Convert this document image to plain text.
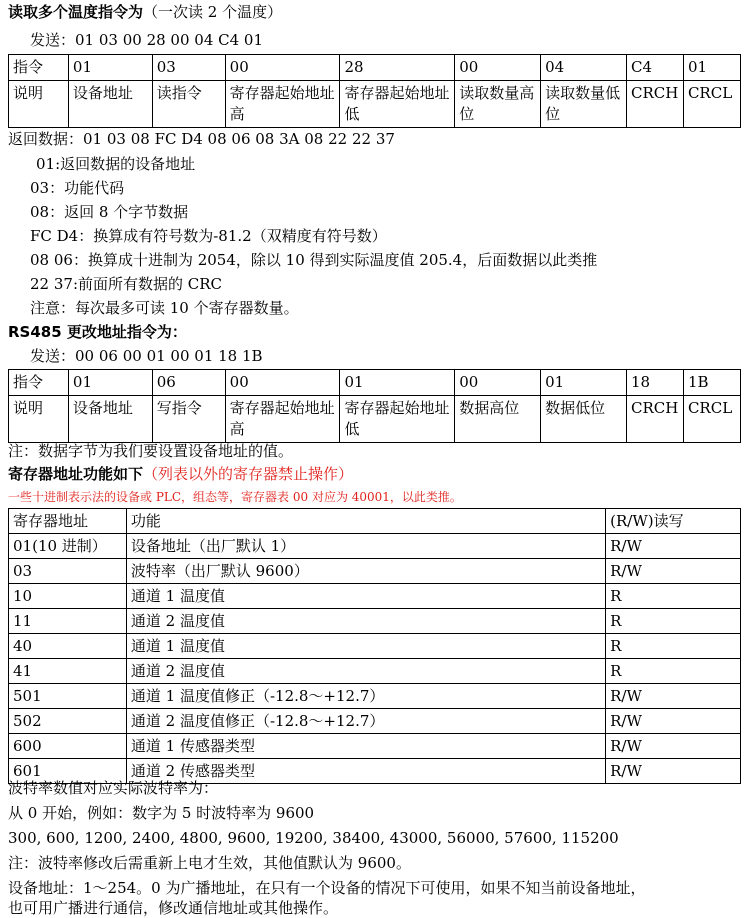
读取多个温度指令为（一次读 2 个温度）
发送：01 03 00 28 00 04 C4 01
指令	01	03	00	28	00	04	C4	01
说明	设备地址	读指令	寄存器起始地址高	寄存器起始地址低	读取数量高位	读取数量低位	CRCH	CRCL
返回数据：01 03 08 FC D4 08 06 08 3A 08 22 22 37
01:返回数据的设备地址
03：功能代码
08：返回 8 个字节数据
FC D4：换算成有符号数为-81.2（双精度有符号数）
08 06：换算成十进制为 2054，除以 10 得到实际温度值 205.4，后面数据以此类推
22 37:前面所有数据的 CRC
注意：每次最多可读 10 个寄存器数量。
RS485 更改地址指令为：
发送：00 06 00 01 00 01 18 1B
指令	01	06	00	01	00	01	18	1B
说明	设备地址	写指令	寄存器起始地址高	寄存器起始地址低	数据高位	数据低位	CRCH	CRCL
注：数据字节为我们要设置设备地址的值。
寄存器地址功能如下（列表以外的寄存器禁止操作）
一些十进制表示法的设备或 PLC，组态等，寄存器表 00 对应为 40001，以此类推。
寄存器地址	功能	(R/W)读写
01(10 进制）	设备地址（出厂默认 1）	R/W
03	波特率（出厂默认 9600）	R/W
10	通道 1 温度值	R
11	通道 2 温度值	R
40	通道 1 温度值	R
41	通道 2 温度值	R
501	通道 1 温度值修正（-12.8～+12.7）	R/W
502	通道 2 温度值修正（-12.8～+12.7）	R/W
600	通道 1 传感器类型	R/W
601	通道 2 传感器类型	R/W
波特率数值对应实际波特率为：
从 0 开始，例如：数字为 5 时波特率为 9600
300, 600, 1200, 2400, 4800, 9600, 19200, 38400, 43000, 56000, 57600, 115200
注：波特率修改后需重新上电才生效，其他值默认为 9600。
设备地址：1～254。0 为广播地址，在只有一个设备的情况下可使用，如果不知当前设备地址，
也可用广播进行通信，修改通信地址或其他操作。
